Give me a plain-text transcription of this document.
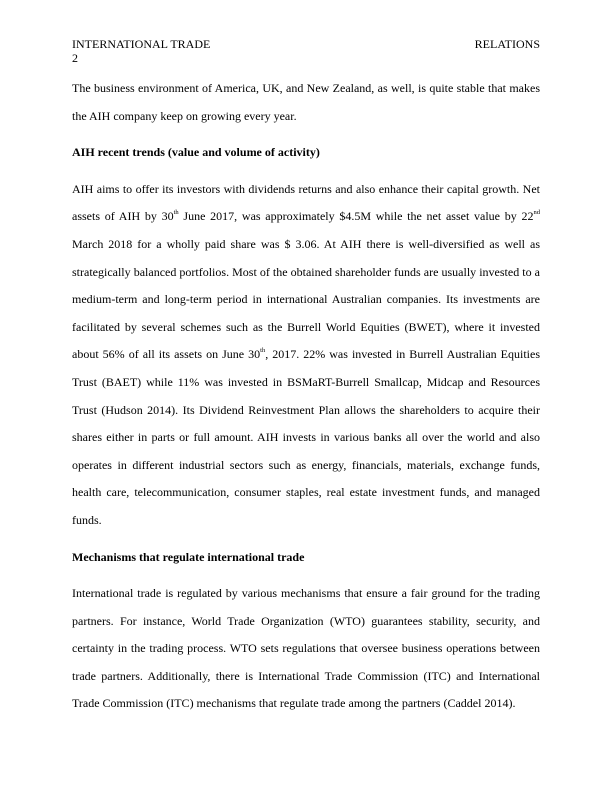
INTERNATIONAL TRADE	RELATIONS
2

The business environment of America, UK, and New Zealand, as well, is quite stable that makes the AIH company keep on growing every year.

AIH recent trends (value and volume of activity)

AIH aims to offer its investors with dividends returns and also enhance their capital growth. Net assets of AIH by 30th June 2017, was approximately $4.5M while the net asset value by 22nd March 2018 for a wholly paid share was $ 3.06. At AIH there is well-diversified as well as strategically balanced portfolios. Most of the obtained shareholder funds are usually invested to a medium-term and long-term period in international Australian companies. Its investments are facilitated by several schemes such as the Burrell World Equities (BWET), where it invested about 56% of all its assets on June 30th, 2017. 22% was invested in Burrell Australian Equities Trust (BAET) while 11% was invested in BSMaRT-Burrell Smallcap, Midcap and Resources Trust (Hudson 2014). Its Dividend Reinvestment Plan allows the shareholders to acquire their shares either in parts or full amount. AIH invests in various banks all over the world and also operates in different industrial sectors such as energy, financials, materials, exchange funds, health care, telecommunication, consumer staples, real estate investment funds, and managed funds.

Mechanisms that regulate international trade

International trade is regulated by various mechanisms that ensure a fair ground for the trading partners. For instance, World Trade Organization (WTO) guarantees stability, security, and certainty in the trading process. WTO sets regulations that oversee business operations between trade partners. Additionally, there is International Trade Commission (ITC) and International Trade Commission (ITC) mechanisms that regulate trade among the partners (Caddel 2014).
